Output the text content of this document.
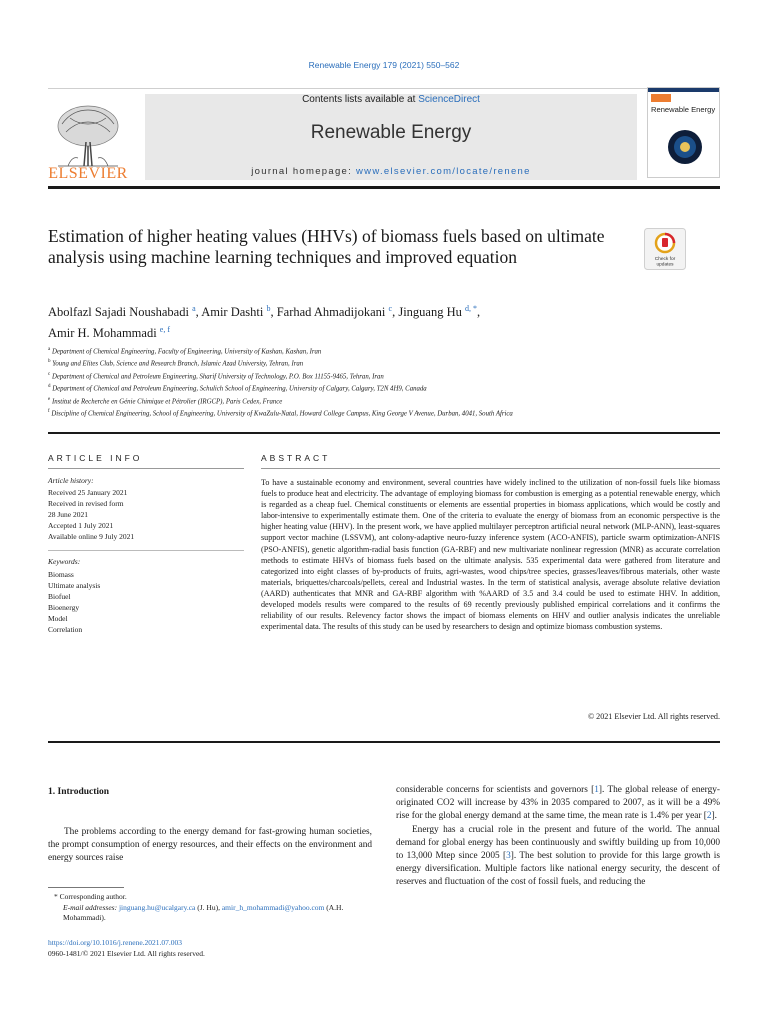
Renewable Energy 179 (2021) 550–562
ELSEVIER
Contents lists available at ScienceDirect
Renewable Energy
journal homepage: www.elsevier.com/locate/renene
Renewable Energy
Estimation of higher heating values (HHVs) of biomass fuels based on ultimate analysis using machine learning techniques and improved equation	Check for
updates
Abolfazl Sajadi Noushabadi $^a$, Amir Dashti $^b$, Farhad Ahmadijokani $^c$, Jinguang Hu $^{d, *}$,
Amir H. Mohammadi $^{e, f}$
$^a$ Department of Chemical Engineering, Faculty of Engineering, University of Kashan, Kashan, Iran
$^b$ Young and Elites Club, Science and Research Branch, Islamic Azad University, Tehran, Iran
$^c$ Department of Chemical and Petroleum Engineering, Sharif University of Technology, P.O. Box 11155-9465, Tehran, Iran
$^d$ Department of Chemical and Petroleum Engineering, Schulich School of Engineering, University of Calgary, Calgary, T2N 4H9, Canada
$^e$ Institut de Recherche en Génie Chimique et Pétrolier (IRGCP), Paris Cedex, France
$^f$ Discipline of Chemical Engineering, School of Engineering, University of KwaZulu-Natal, Howard College Campus, King George V Avenue, Durban, 4041, South Africa
ARTICLE INFO
Article history:
Received 25 January 2021
Received in revised form
28 June 2021
Accepted 1 July 2021
Available online 9 July 2021
Keywords:
Biomass
Ultimate analysis
Biofuel
Bioenergy
Model
Correlation
ABSTRACT
To have a sustainable economy and environment, several countries have widely inclined to the utilization of non-fossil fuels like biomass fuels to produce heat and electricity. The advantage of employing biomass for combustion is emerging as a potential renewable energy, which is regarded as a cheap fuel. Chemical constituents or elements are essential properties in biomass applications, which would be costly and labor-intensive to experimentally estimate them. One of the criteria to evaluate the energy of biomass from an economic perspective is the higher heating value (HHV). In the present work, we have applied multilayer perceptron artificial neural network (MLP-ANN), least-squares support vector machine (LSSVM), ant colony-adaptive neuro-fuzzy inference system (ACO-ANFIS), particle swarm optimization-ANFIS (PSO-ANFIS), genetic algorithm-radial basis function (GA-RBF) and new multivariate nonlinear regression (MNR) as accurate correlation methods to estimate HHVs of biomass fuels based on the ultimate analysis. 535 experimental data were gathered from literature and categorized into eight classes of by-products of fruits, agri-wastes, wood chips/tree species, grasses/leaves/fibrous materials, other waste materials, briquettes/charcoals/pellets, cereal and Industrial wastes. In the term of statistical analysis, average absolute relative deviation (AARD) authenticates that MNR and GA-RBF algorithm with %AARD of 3.5 and 3.4 could be used to estimate HHV. In addition, developed models results were compared to the results of 69 recently previously published empirical correlations and it confirms the reliability of our results. Relevency factor shows the impact of biomass elements on HHV and outlier analysis indicates the unreliable experimental data. The results of this study can be used by researchers to design and optimize biomass combustion systems.
© 2021 Elsevier Ltd. All rights reserved.
1. Introduction

The problems according to the energy demand for fast-growing human societies, the prompt consumption of energy resources, and their effects on the environment and energy sources raise

considerable concerns for scientists and governors [1]. The global release of energy-originated CO2 will increase by 43% in 2035 compared to 2007, as it will be a 49% rise for the global energy demand at the same time, the mean rate is 1.4% per year [2].

Energy has a crucial role in the present and future of the world. The annual demand for global energy has been continuously and swiftly building up from 10,000 to 13,000 Mtep since 2005 [3]. The best solution to provide for this large growth is energy diversification. Multiple factors like national energy security, the descent of reserves and fluctuation of the cost of fossil fuels, and reducing the

* Corresponding author.
E-mail addresses: jinguang.hu@ucalgary.ca (J. Hu), amir_h_mohammadi@yahoo.com (A.H. Mohammadi).
https://doi.org/10.1016/j.renene.2021.07.003
0960-1481/© 2021 Elsevier Ltd. All rights reserved.
